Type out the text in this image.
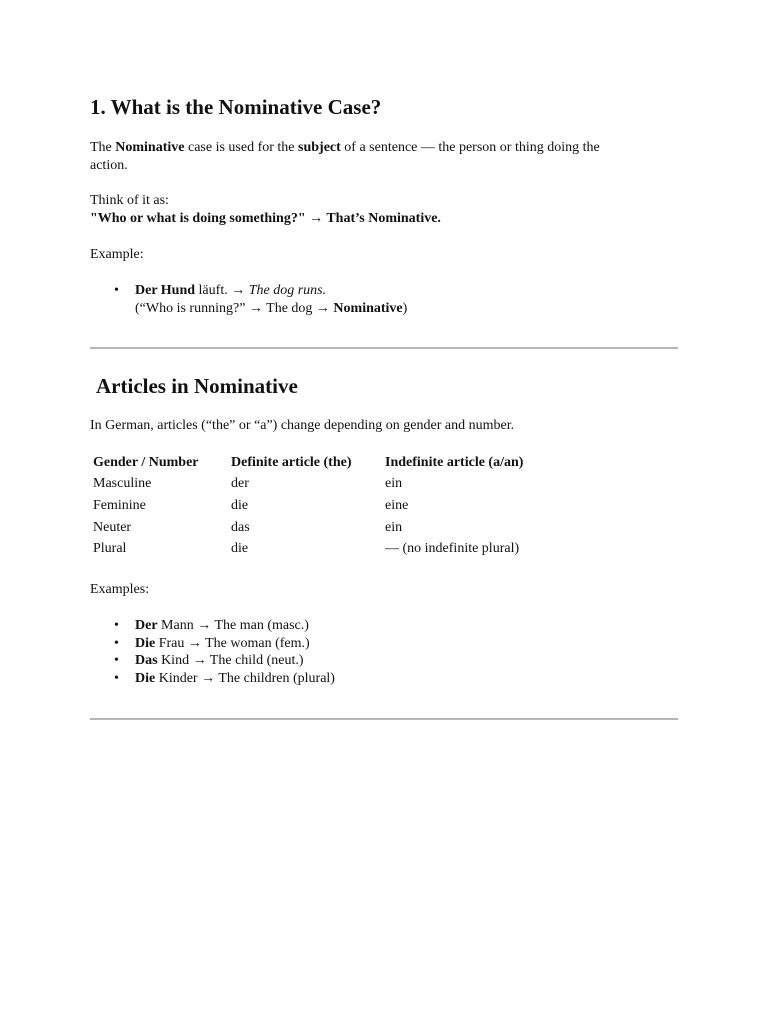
1. What is the Nominative Case?
The Nominative case is used for the subject of a sentence — the person or thing doing the
action.
Think of it as:
"Who or what is doing something?" → That’s Nominative.
Example:
• Der Hund läuft. → The dog runs.
(“Who is running?” → The dog → Nominative)
Articles in Nominative
In German, articles (“the” or “a”) change depending on gender and number.
Gender / Number	Definite article (the)	Indefinite article (a/an)
Masculine	der	ein
Feminine	die	eine
Neuter	das	ein
Plural	die	— (no indefinite plural)
Examples:
• Der Mann → The man (masc.)
• Die Frau → The woman (fem.)
• Das Kind → The child (neut.)
• Die Kinder → The children (plural)
